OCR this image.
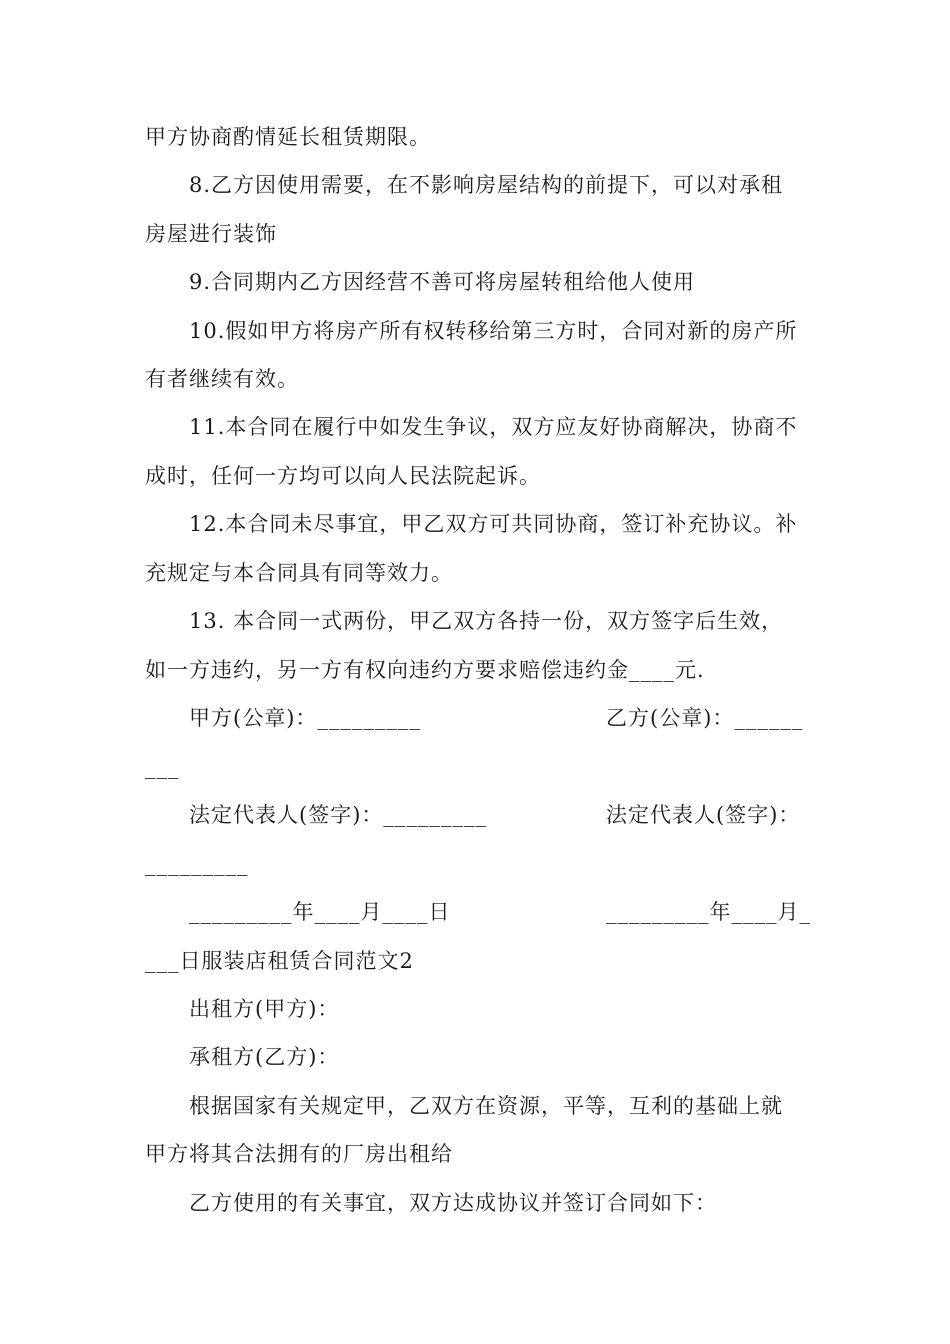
甲方协商酌情延长租赁期限。
8.乙方因使用需要，在不影响房屋结构的前提下，可以对承租
房屋进行装饰
9.合同期内乙方因经营不善可将房屋转租给他人使用
10.假如甲方将房产所有权转移给第三方时，合同对新的房产所
有者继续有效。
11.本合同在履行中如发生争议，双方应友好协商解决，协商不
成时，任何一方均可以向人民法院起诉。
12.本合同未尽事宜，甲乙双方可共同协商，签订补充协议。补
充规定与本合同具有同等效力。
13. 本合同一式两份，甲乙双方各持一份，双方签字后生效，
如一方违约，另一方有权向违约方要求赔偿违约金____元.
甲方(公章)：_________	乙方(公章)：______
___
法定代表人(签字)：_________	法定代表人(签字)：
_________
_________年____月____日	_________年____月_
___日服装店租赁合同范文2
出租方(甲方)：
承租方(乙方)：
根据国家有关规定甲，乙双方在资源，平等，互利的基础上就
甲方将其合法拥有的厂房出租给
乙方使用的有关事宜，双方达成协议并签订合同如下：
